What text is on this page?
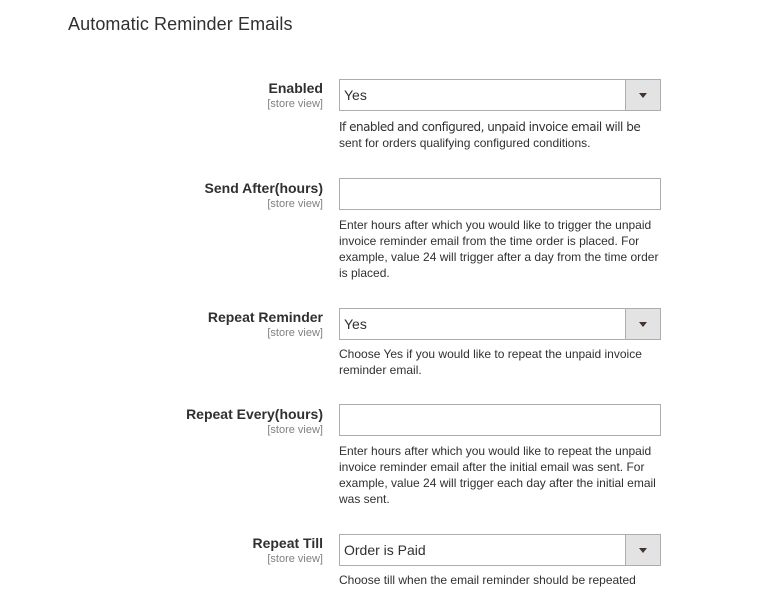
Automatic Reminder Emails
Enabled
[store view]
Yes
If enabled and configured, unpaid invoice email will be
sent for orders qualifying configured conditions.
Send After(hours)
[store view]
Enter hours after which you would like to trigger the unpaid invoice reminder email from the time order is placed. For example, value 24 will trigger after a day from the time order is placed.
Repeat Reminder
[store view]
Yes
Choose Yes if you would like to repeat the unpaid invoice reminder email.
Repeat Every(hours)
[store view]
Enter hours after which you would like to repeat the unpaid invoice reminder email after the initial email was sent. For example, value 24 will trigger each day after the initial email was sent.
Repeat Till
[store view]
Order is Paid
Choose till when the email reminder should be repeated
